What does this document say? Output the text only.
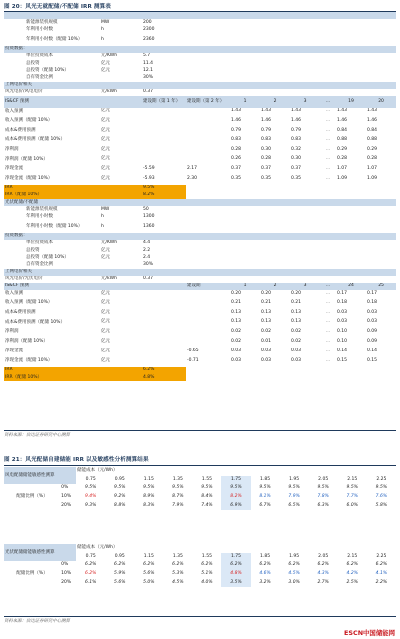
图 20：风光无就配储/不配储 IRR 测算表

新能源装机规模	MW	200							
年利用小时数	h	2300							
年利用小时数（配储 10%）	h	2360							
投资数据：									
单位投资成本	元/KWh	5.7							
总投资	亿元	11.4							
总投资（配储 10%）	亿元	12.1							
自有资金比例		30%							
上网电价相关									
风光电价/风电电价	元/kWh	0.37							
IS&CF 预测		建设期（第 1 年）	建设期（第 2 年）	1	2	3	...	19	20
收入预测	亿元			1.43	1.43	1.43	...	1.43	1.43
收入预测（配储 10%）	亿元			1.46	1.46	1.46	...	1.46	1.46
成本&费用预测	亿元			0.79	0.79	0.79	...	0.84	0.84
成本&费用预测（配储 10%）	亿元			0.83	0.83	0.83	...	0.88	0.88
净利润	亿元			0.28	0.30	0.32	...	0.29	0.29
净利润（配储 10%）	亿元			0.26	0.28	0.30	...	0.28	0.28
净现金流	亿元	-5.59	2.17	0.37	0.37	0.37	...	1.07	1.07
净现金流（配储 10%）	亿元	-5.93	2.30	0.35	0.35	0.35	...	1.09	1.09
IRR		9.5%							
IRR（配储 10%）		8.2%							
光伏配储/不配储									
新能源装机规模	MW	50							
年利用小时数	h	1300							
年利用小时数（配储 10%）	h	1360							
投资数据：									
单位投资成本	元/KWh	4.4							
总投资	亿元	2.2							
总投资（配储 10%）	亿元	2.4							
自有资金比例		30%							
上网电价相关									
风光电价/光伏电价	元/kWh	0.37							
IS&CF 预测			建设期	1	2	3	...	24	25
收入预测	亿元			0.20	0.20	0.20	...	0.17	0.17
收入预测（配储 10%）	亿元			0.21	0.21	0.21	...	0.18	0.18
成本&费用预测	亿元			0.13	0.13	0.13	...	0.03	0.03
成本&费用预测（配储 10%）	亿元			0.13	0.13	0.13	...	0.03	0.03
净利润	亿元			0.02	0.02	0.02	...	0.10	0.09
净利润（配储 10%）	亿元			0.02	0.01	0.02	...	0.10	0.09
净现金流	亿元		-0.65	0.03	0.03	0.03	...	0.14	0.14
净现金流（配储 10%）	亿元		-0.71	0.03	0.03	0.03	...	0.15	0.15
IRR		6.2%							
IRR（配储 10%）		4.8%							
资料来源：信达证券研究中心测算
图 21：风光配储自建储能 IRR 以及敏感性分析测算结果
风电配储储能敏感性测算		储能成本（元/Wh）										
		0.75	0.95	1.15	1.35	1.55	1.75	1.85	1.95	2.05	2.15	2.25
配储比例（%）	0%	9.5%	9.5%	9.5%	9.5%	9.5%	9.5%	9.5%	9.5%	9.5%	9.5%	9.5%
	10%	9.4%	9.2%	8.9%	8.7%	8.4%	8.2%	8.1%	7.9%	7.8%	7.7%	7.6%
	20%	9.3%	8.8%	8.3%	7.9%	7.4%	6.9%	6.7%	6.5%	6.3%	6.0%	5.8%
光伏配储储能敏感性测算		储能成本（元/Wh）										
		0.75	0.95	1.15	1.35	1.55	1.75	1.85	1.95	2.05	2.15	2.25
配储比例（%）	0%	6.2%	6.2%	6.2%	6.2%	6.2%	6.2%	6.2%	6.2%	6.2%	6.2%	6.2%
	10%	6.2%	5.9%	5.6%	5.3%	5.1%	4.8%	4.6%	4.5%	4.3%	4.2%	4.1%
	20%	6.1%	5.6%	5.0%	4.5%	4.0%	3.5%	3.2%	3.0%	2.7%	2.5%	2.2%
资料来源：信达证券研究中心测算
ESCN中国储能网
